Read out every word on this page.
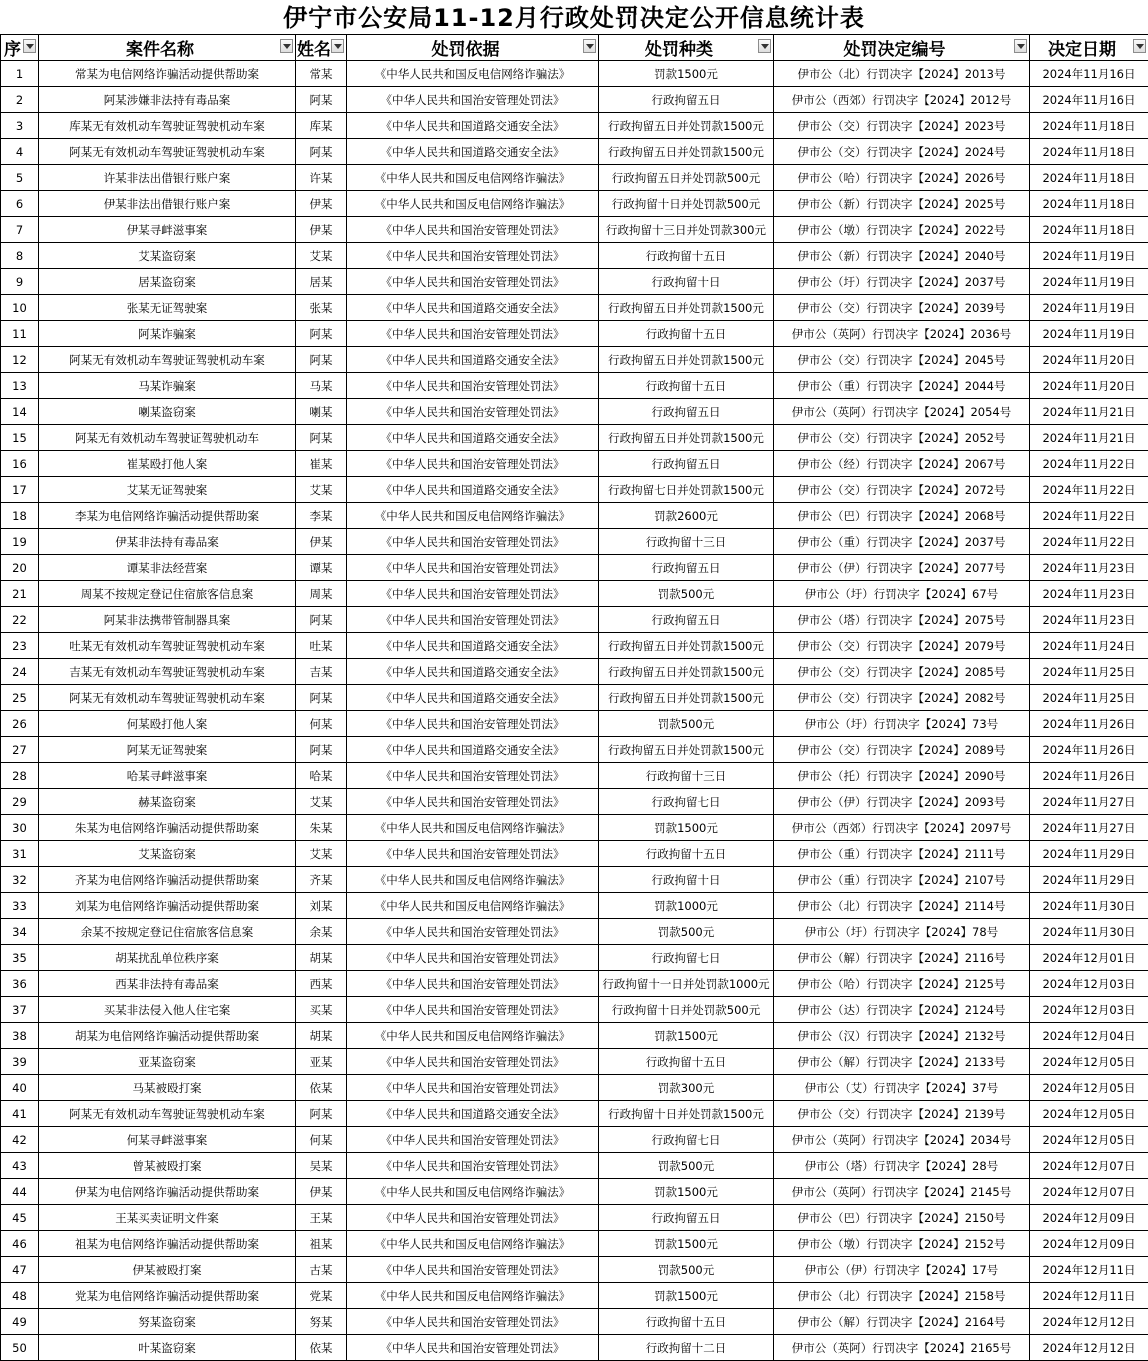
伊宁市公安局11-12月行政处罚决定公开信息统计表
序	案件名称	姓名	处罚依据	处罚种类	处罚决定编号	决定日期

1	常某为电信网络诈骗活动提供帮助案	常某	《中华人民共和国反电信网络诈骗法》	罚款1500元	伊市公（北）行罚决字【2024】2013号	2024年11月16日
2	阿某涉嫌非法持有毒品案	阿某	《中华人民共和国治安管理处罚法》	行政拘留五日	伊市公（西郊）行罚决字【2024】2012号	2024年11月16日
3	库某无有效机动车驾驶证驾驶机动车案	库某	《中华人民共和国道路交通安全法》	行政拘留五日并处罚款1500元	伊市公（交）行罚决字【2024】2023号	2024年11月18日
4	阿某无有效机动车驾驶证驾驶机动车案	阿某	《中华人民共和国道路交通安全法》	行政拘留五日并处罚款1500元	伊市公（交）行罚决字【2024】2024号	2024年11月18日
5	许某非法出借银行账户案	许某	《中华人民共和国反电信网络诈骗法》	行政拘留五日并处罚款500元	伊市公（哈）行罚决字【2024】2026号	2024年11月18日
6	伊某非法出借银行账户案	伊某	《中华人民共和国反电信网络诈骗法》	行政拘留十日并处罚款500元	伊市公（新）行罚决字【2024】2025号	2024年11月18日
7	伊某寻衅滋事案	伊某	《中华人民共和国治安管理处罚法》	行政拘留十三日并处罚款300元	伊市公（墩）行罚决字【2024】2022号	2024年11月18日
8	艾某盗窃案	艾某	《中华人民共和国治安管理处罚法》	行政拘留十五日	伊市公（新）行罚决字【2024】2040号	2024年11月19日
9	居某盗窃案	居某	《中华人民共和国治安管理处罚法》	行政拘留十日	伊市公（圩）行罚决字【2024】2037号	2024年11月19日
10	张某无证驾驶案	张某	《中华人民共和国道路交通安全法》	行政拘留五日并处罚款1500元	伊市公（交）行罚决字【2024】2039号	2024年11月19日
11	阿某诈骗案	阿某	《中华人民共和国治安管理处罚法》	行政拘留十五日	伊市公（英阿）行罚决字【2024】2036号	2024年11月19日
12	阿某无有效机动车驾驶证驾驶机动车案	阿某	《中华人民共和国道路交通安全法》	行政拘留五日并处罚款1500元	伊市公（交）行罚决字【2024】2045号	2024年11月20日
13	马某诈骗案	马某	《中华人民共和国治安管理处罚法》	行政拘留十五日	伊市公（重）行罚决字【2024】2044号	2024年11月20日
14	喇某盗窃案	喇某	《中华人民共和国治安管理处罚法》	行政拘留五日	伊市公（英阿）行罚决字【2024】2054号	2024年11月21日
15	阿某无有效机动车驾驶证驾驶机动车	阿某	《中华人民共和国道路交通安全法》	行政拘留五日并处罚款1500元	伊市公（交）行罚决字【2024】2052号	2024年11月21日
16	崔某殴打他人案	崔某	《中华人民共和国治安管理处罚法》	行政拘留五日	伊市公（经）行罚决字【2024】2067号	2024年11月22日
17	艾某无证驾驶案	艾某	《中华人民共和国道路交通安全法》	行政拘留七日并处罚款1500元	伊市公（交）行罚决字【2024】2072号	2024年11月22日
18	李某为电信网络诈骗活动提供帮助案	李某	《中华人民共和国反电信网络诈骗法》	罚款2600元	伊市公（巴）行罚决字【2024】2068号	2024年11月22日
19	伊某非法持有毒品案	伊某	《中华人民共和国治安管理处罚法》	行政拘留十三日	伊市公（重）行罚决字【2024】2037号	2024年11月22日
20	谭某非法经营案	谭某	《中华人民共和国治安管理处罚法》	行政拘留五日	伊市公（伊）行罚决字【2024】2077号	2024年11月23日
21	周某不按规定登记住宿旅客信息案	周某	《中华人民共和国治安管理处罚法》	罚款500元	伊市公（圩）行罚决字【2024】67号	2024年11月23日
22	阿某非法携带管制器具案	阿某	《中华人民共和国治安管理处罚法》	行政拘留五日	伊市公（塔）行罚决字【2024】2075号	2024年11月23日
23	吐某无有效机动车驾驶证驾驶机动车案	吐某	《中华人民共和国道路交通安全法》	行政拘留五日并处罚款1500元	伊市公（交）行罚决字【2024】2079号	2024年11月24日
24	吉某无有效机动车驾驶证驾驶机动车案	吉某	《中华人民共和国道路交通安全法》	行政拘留五日并处罚款1500元	伊市公（交）行罚决字【2024】2085号	2024年11月25日
25	阿某无有效机动车驾驶证驾驶机动车案	阿某	《中华人民共和国道路交通安全法》	行政拘留五日并处罚款1500元	伊市公（交）行罚决字【2024】2082号	2024年11月25日
26	何某殴打他人案	何某	《中华人民共和国治安管理处罚法》	罚款500元	伊市公（圩）行罚决字【2024】73号	2024年11月26日
27	阿某无证驾驶案	阿某	《中华人民共和国道路交通安全法》	行政拘留五日并处罚款1500元	伊市公（交）行罚决字【2024】2089号	2024年11月26日
28	哈某寻衅滋事案	哈某	《中华人民共和国治安管理处罚法》	行政拘留十三日	伊市公（托）行罚决字【2024】2090号	2024年11月26日
29	赫某盗窃案	艾某	《中华人民共和国治安管理处罚法》	行政拘留七日	伊市公（伊）行罚决字【2024】2093号	2024年11月27日
30	朱某为电信网络诈骗活动提供帮助案	朱某	《中华人民共和国反电信网络诈骗法》	罚款1500元	伊市公（西郊）行罚决字【2024】2097号	2024年11月27日
31	艾某盗窃案	艾某	《中华人民共和国治安管理处罚法》	行政拘留十五日	伊市公（重）行罚决字【2024】2111号	2024年11月29日
32	齐某为电信网络诈骗活动提供帮助案	齐某	《中华人民共和国反电信网络诈骗法》	行政拘留十日	伊市公（重）行罚决字【2024】2107号	2024年11月29日
33	刘某为电信网络诈骗活动提供帮助案	刘某	《中华人民共和国反电信网络诈骗法》	罚款1000元	伊市公（北）行罚决字【2024】2114号	2024年11月30日
34	余某不按规定登记住宿旅客信息案	余某	《中华人民共和国治安管理处罚法》	罚款500元	伊市公（圩）行罚决字【2024】78号	2024年11月30日
35	胡某扰乱单位秩序案	胡某	《中华人民共和国治安管理处罚法》	行政拘留七日	伊市公（解）行罚决字【2024】2116号	2024年12月01日
36	西某非法持有毒品案	西某	《中华人民共和国治安管理处罚法》	行政拘留十一日并处罚款1000元	伊市公（哈）行罚决字【2024】2125号	2024年12月03日
37	买某非法侵入他人住宅案	买某	《中华人民共和国治安管理处罚法》	行政拘留十日并处罚款500元	伊市公（达）行罚决字【2024】2124号	2024年12月03日
38	胡某为电信网络诈骗活动提供帮助案	胡某	《中华人民共和国反电信网络诈骗法》	罚款1500元	伊市公（汉）行罚决字【2024】2132号	2024年12月04日
39	亚某盗窃案	亚某	《中华人民共和国治安管理处罚法》	行政拘留十五日	伊市公（解）行罚决字【2024】2133号	2024年12月05日
40	马某被殴打案	依某	《中华人民共和国治安管理处罚法》	罚款300元	伊市公（艾）行罚决字【2024】37号	2024年12月05日
41	阿某无有效机动车驾驶证驾驶机动车案	阿某	《中华人民共和国道路交通安全法》	行政拘留十日并处罚款1500元	伊市公（交）行罚决字【2024】2139号	2024年12月05日
42	何某寻衅滋事案	何某	《中华人民共和国治安管理处罚法》	行政拘留七日	伊市公（英阿）行罚决字【2024】2034号	2024年12月05日
43	曾某被殴打案	吴某	《中华人民共和国治安管理处罚法》	罚款500元	伊市公（塔）行罚决字【2024】28号	2024年12月07日
44	伊某为电信网络诈骗活动提供帮助案	伊某	《中华人民共和国反电信网络诈骗法》	罚款1500元	伊市公（英阿）行罚决字【2024】2145号	2024年12月07日
45	王某买卖证明文件案	王某	《中华人民共和国治安管理处罚法》	行政拘留五日	伊市公（巴）行罚决字【2024】2150号	2024年12月09日
46	祖某为电信网络诈骗活动提供帮助案	祖某	《中华人民共和国反电信网络诈骗法》	罚款1500元	伊市公（墩）行罚决字【2024】2152号	2024年12月09日
47	伊某被殴打案	古某	《中华人民共和国治安管理处罚法》	罚款500元	伊市公（伊）行罚决字【2024】17号	2024年12月11日
48	党某为电信网络诈骗活动提供帮助案	党某	《中华人民共和国反电信网络诈骗法》	罚款1500元	伊市公（北）行罚决字【2024】2158号	2024年12月11日
49	努某盗窃案	努某	《中华人民共和国治安管理处罚法》	行政拘留十五日	伊市公（解）行罚决字【2024】2164号	2024年12月12日
50	叶某盗窃案	依某	《中华人民共和国治安管理处罚法》	行政拘留十二日	伊市公（英阿）行罚决字【2024】2165号	2024年12月12日
